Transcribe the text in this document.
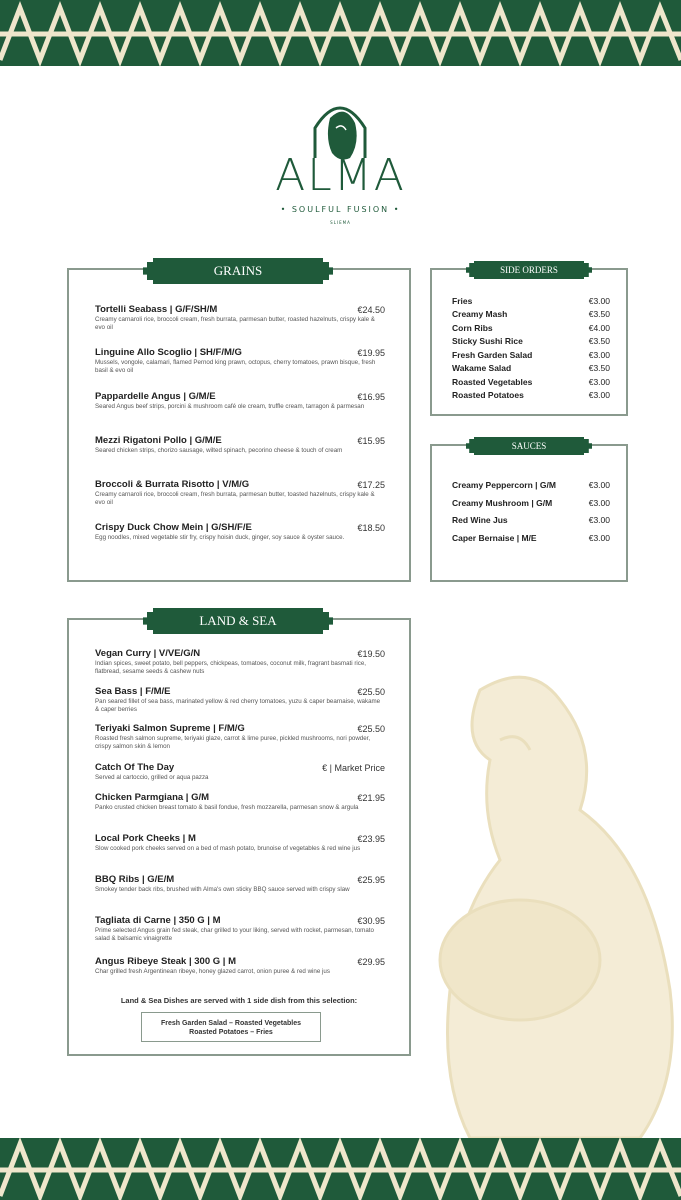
ALMA
• SOULFUL FUSION •
SLIEMA
GRAINS
Tortelli Seabass | G/F/SH/M
Creamy carnaroli rice, broccoli cream, fresh burrata, parmesan butter, roasted hazelnuts, crispy kale & evo oil
€24.50
Linguine Allo Scoglio | SH/F/M/G
Mussels, vongole, calamari, flamed Pernod king prawn, octopus, cherry tomatoes, prawn bisque, fresh basil & evo oil
€19.95
Pappardelle Angus | G/M/E
Seared Angus beef strips, porcini & mushroom café ole cream, truffle cream, tarragon & parmesan
€16.95
Mezzi Rigatoni Pollo | G/M/E
Seared chicken strips, chorizo sausage, wilted spinach, pecorino cheese & touch of cream
€15.95
Broccoli & Burrata Risotto | V/M/G
Creamy carnaroli rice, broccoli cream, fresh burrata, parmesan butter, toasted hazelnuts, crispy kale & evo oil
€17.25
Crispy Duck Chow Mein | G/SH/F/E
Egg noodles, mixed vegetable stir fry, crispy hoisin duck, ginger, soy sauce & oyster sauce.
€18.50
SIDE ORDERS
Fries	€3.00
Creamy Mash	€3.50
Corn Ribs	€4.00
Sticky Sushi Rice	€3.50
Fresh Garden Salad	€3.00
Wakame Salad	€3.50
Roasted Vegetables	€3.00
Roasted Potatoes	€3.00
SAUCES
Creamy Peppercorn | G/M	€3.00
Creamy Mushroom | G/M	€3.00
Red Wine Jus	€3.00
Caper Bernaise | M/E	€3.00
LAND & SEA
Vegan Curry | V/VE/G/N
Indian spices, sweet potato, bell peppers, chickpeas, tomatoes, coconut milk, fragrant basmati rice, flatbread, sesame seeds & cashew nuts
€19.50
Sea Bass | F/M/E
Pan seared fillet of sea bass, marinated yellow & red cherry tomatoes, yuzu & caper bearnaise, wakame & caper berries
€25.50
Teriyaki Salmon Supreme | F/M/G
Roasted fresh salmon supreme, teriyaki glaze, carrot & lime puree, pickled mushrooms, nori powder, crispy salmon skin & lemon
€25.50
Catch Of The Day
Served al cartoccio, grilled or aqua pazza
€ | Market Price
Chicken Parmgiana | G/M
Panko crusted chicken breast tomato & basil fondue, fresh mozzarella, parmesan snow & argula
€21.95
Local Pork Cheeks | M
Slow cooked pork cheeks served on a bed of mash potato, brunoise of vegetables & red wine jus
€23.95
BBQ Ribs | G/E/M
Smokey tender back ribs, brushed with Alma's own sticky BBQ sauce served with crispy slaw
€25.95
Tagliata di Carne | 350 G | M
Prime selected Angus grain fed steak, char grilled to your liking, served with rocket, parmesan, tomato salad & balsamic vinaigrette
€30.95
Angus Ribeye Steak | 300 G | M
Char grilled fresh Argentinean ribeye, honey glazed carrot, onion puree & red wine jus
€29.95
Land & Sea Dishes are served with 1 side dish from this selection:
Fresh Garden Salad – Roasted Vegetables
Roasted Potatoes – Fries
